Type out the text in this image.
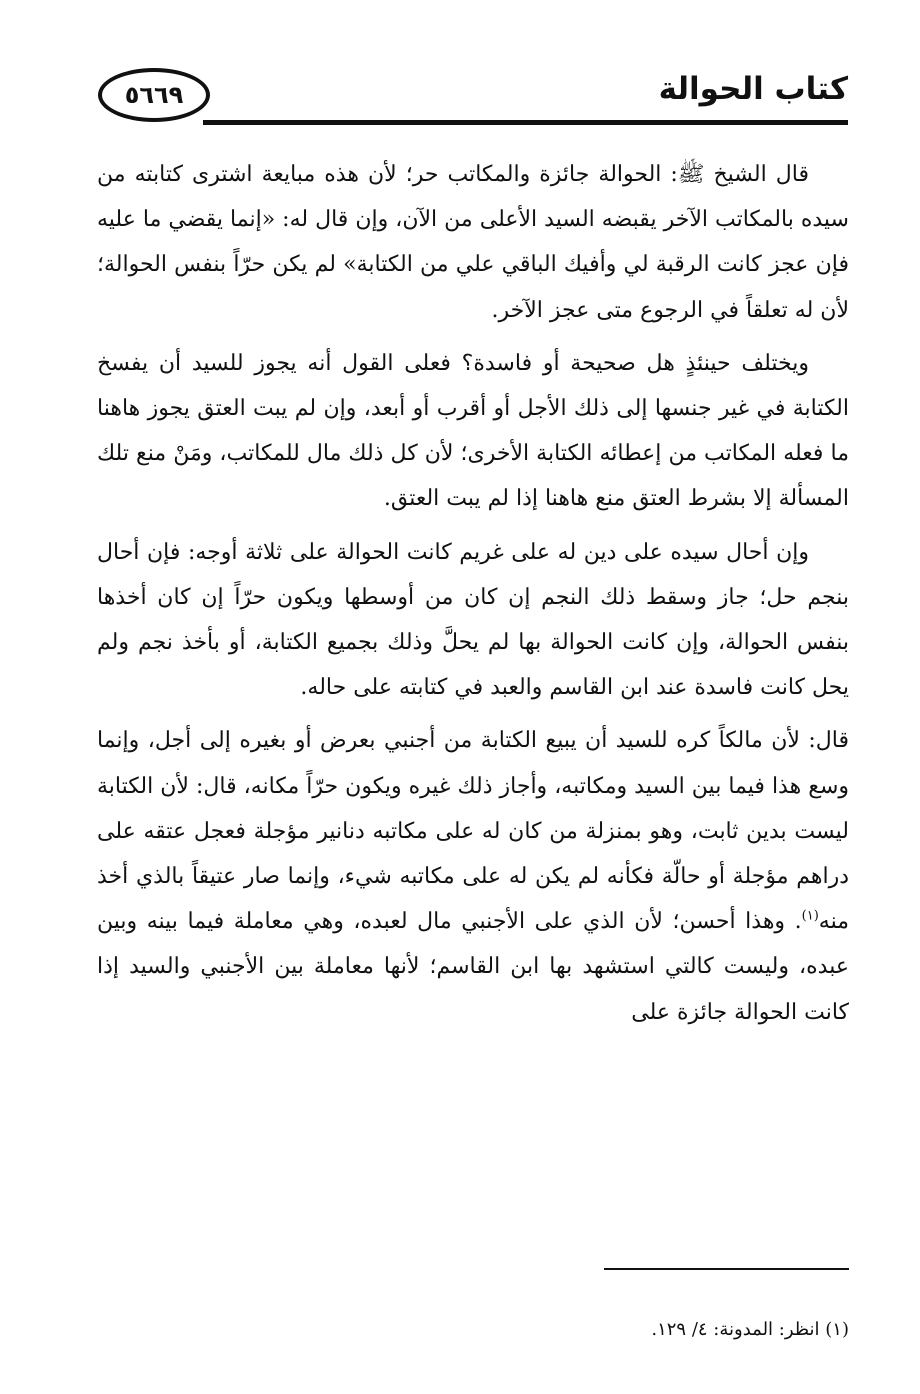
كتاب الحوالة
٥٦٦٩

قال الشيخ ﷺ: الحوالة جائزة والمكاتب حر؛ لأن هذه مبايعة اشترى كتابته من سيده بالمكاتب الآخر يقبضه السيد الأعلى من الآن، وإن قال له: «إنما يقضي ما عليه فإن عجز كانت الرقبة لي وأفيك الباقي علي من الكتابة» لم يكن حرّاً بنفس الحوالة؛ لأن له تعلقاً في الرجوع متى عجز الآخر.

ويختلف حينئذٍ هل صحيحة أو فاسدة؟ فعلى القول أنه يجوز للسيد أن يفسخ الكتابة في غير جنسها إلى ذلك الأجل أو أقرب أو أبعد، وإن لم يبت العتق يجوز هاهنا ما فعله المكاتب من إعطائه الكتابة الأخرى؛ لأن كل ذلك مال للمكاتب، ومَنْ منع تلك المسألة إلا بشرط العتق منع هاهنا إذا لم يبت العتق.

وإن أحال سيده على دين له على غريم كانت الحوالة على ثلاثة أوجه: فإن أحال بنجم حل؛ جاز وسقط ذلك النجم إن كان من أوسطها ويكون حرّاً إن كان أخذها بنفس الحوالة، وإن كانت الحوالة بها لم يحلَّ وذلك بجميع الكتابة، أو بأخذ نجم ولم يحل كانت فاسدة عند ابن القاسم والعبد في كتابته على حاله.

قال: لأن مالكاً كره للسيد أن يبيع الكتابة من أجنبي بعرض أو بغيره إلى أجل، وإنما وسع هذا فيما بين السيد ومكاتبه، وأجاز ذلك غيره ويكون حرّاً مكانه، قال: لأن الكتابة ليست بدين ثابت، وهو بمنزلة من كان له على مكاتبه دنانير مؤجلة فعجل عتقه على دراهم مؤجلة أو حالّة فكأنه لم يكن له على مكاتبه شيء، وإنما صار عتيقاً بالذي أخذ منه$^{(١)}$. وهذا أحسن؛ لأن الذي على الأجنبي مال لعبده، وهي معاملة فيما بينه وبين عبده، وليست كالتي استشهد بها ابن القاسم؛ لأنها معاملة بين الأجنبي والسيد إذا كانت الحوالة جائزة على

(١) انظر: المدونة: ٤/ ١٢٩.
